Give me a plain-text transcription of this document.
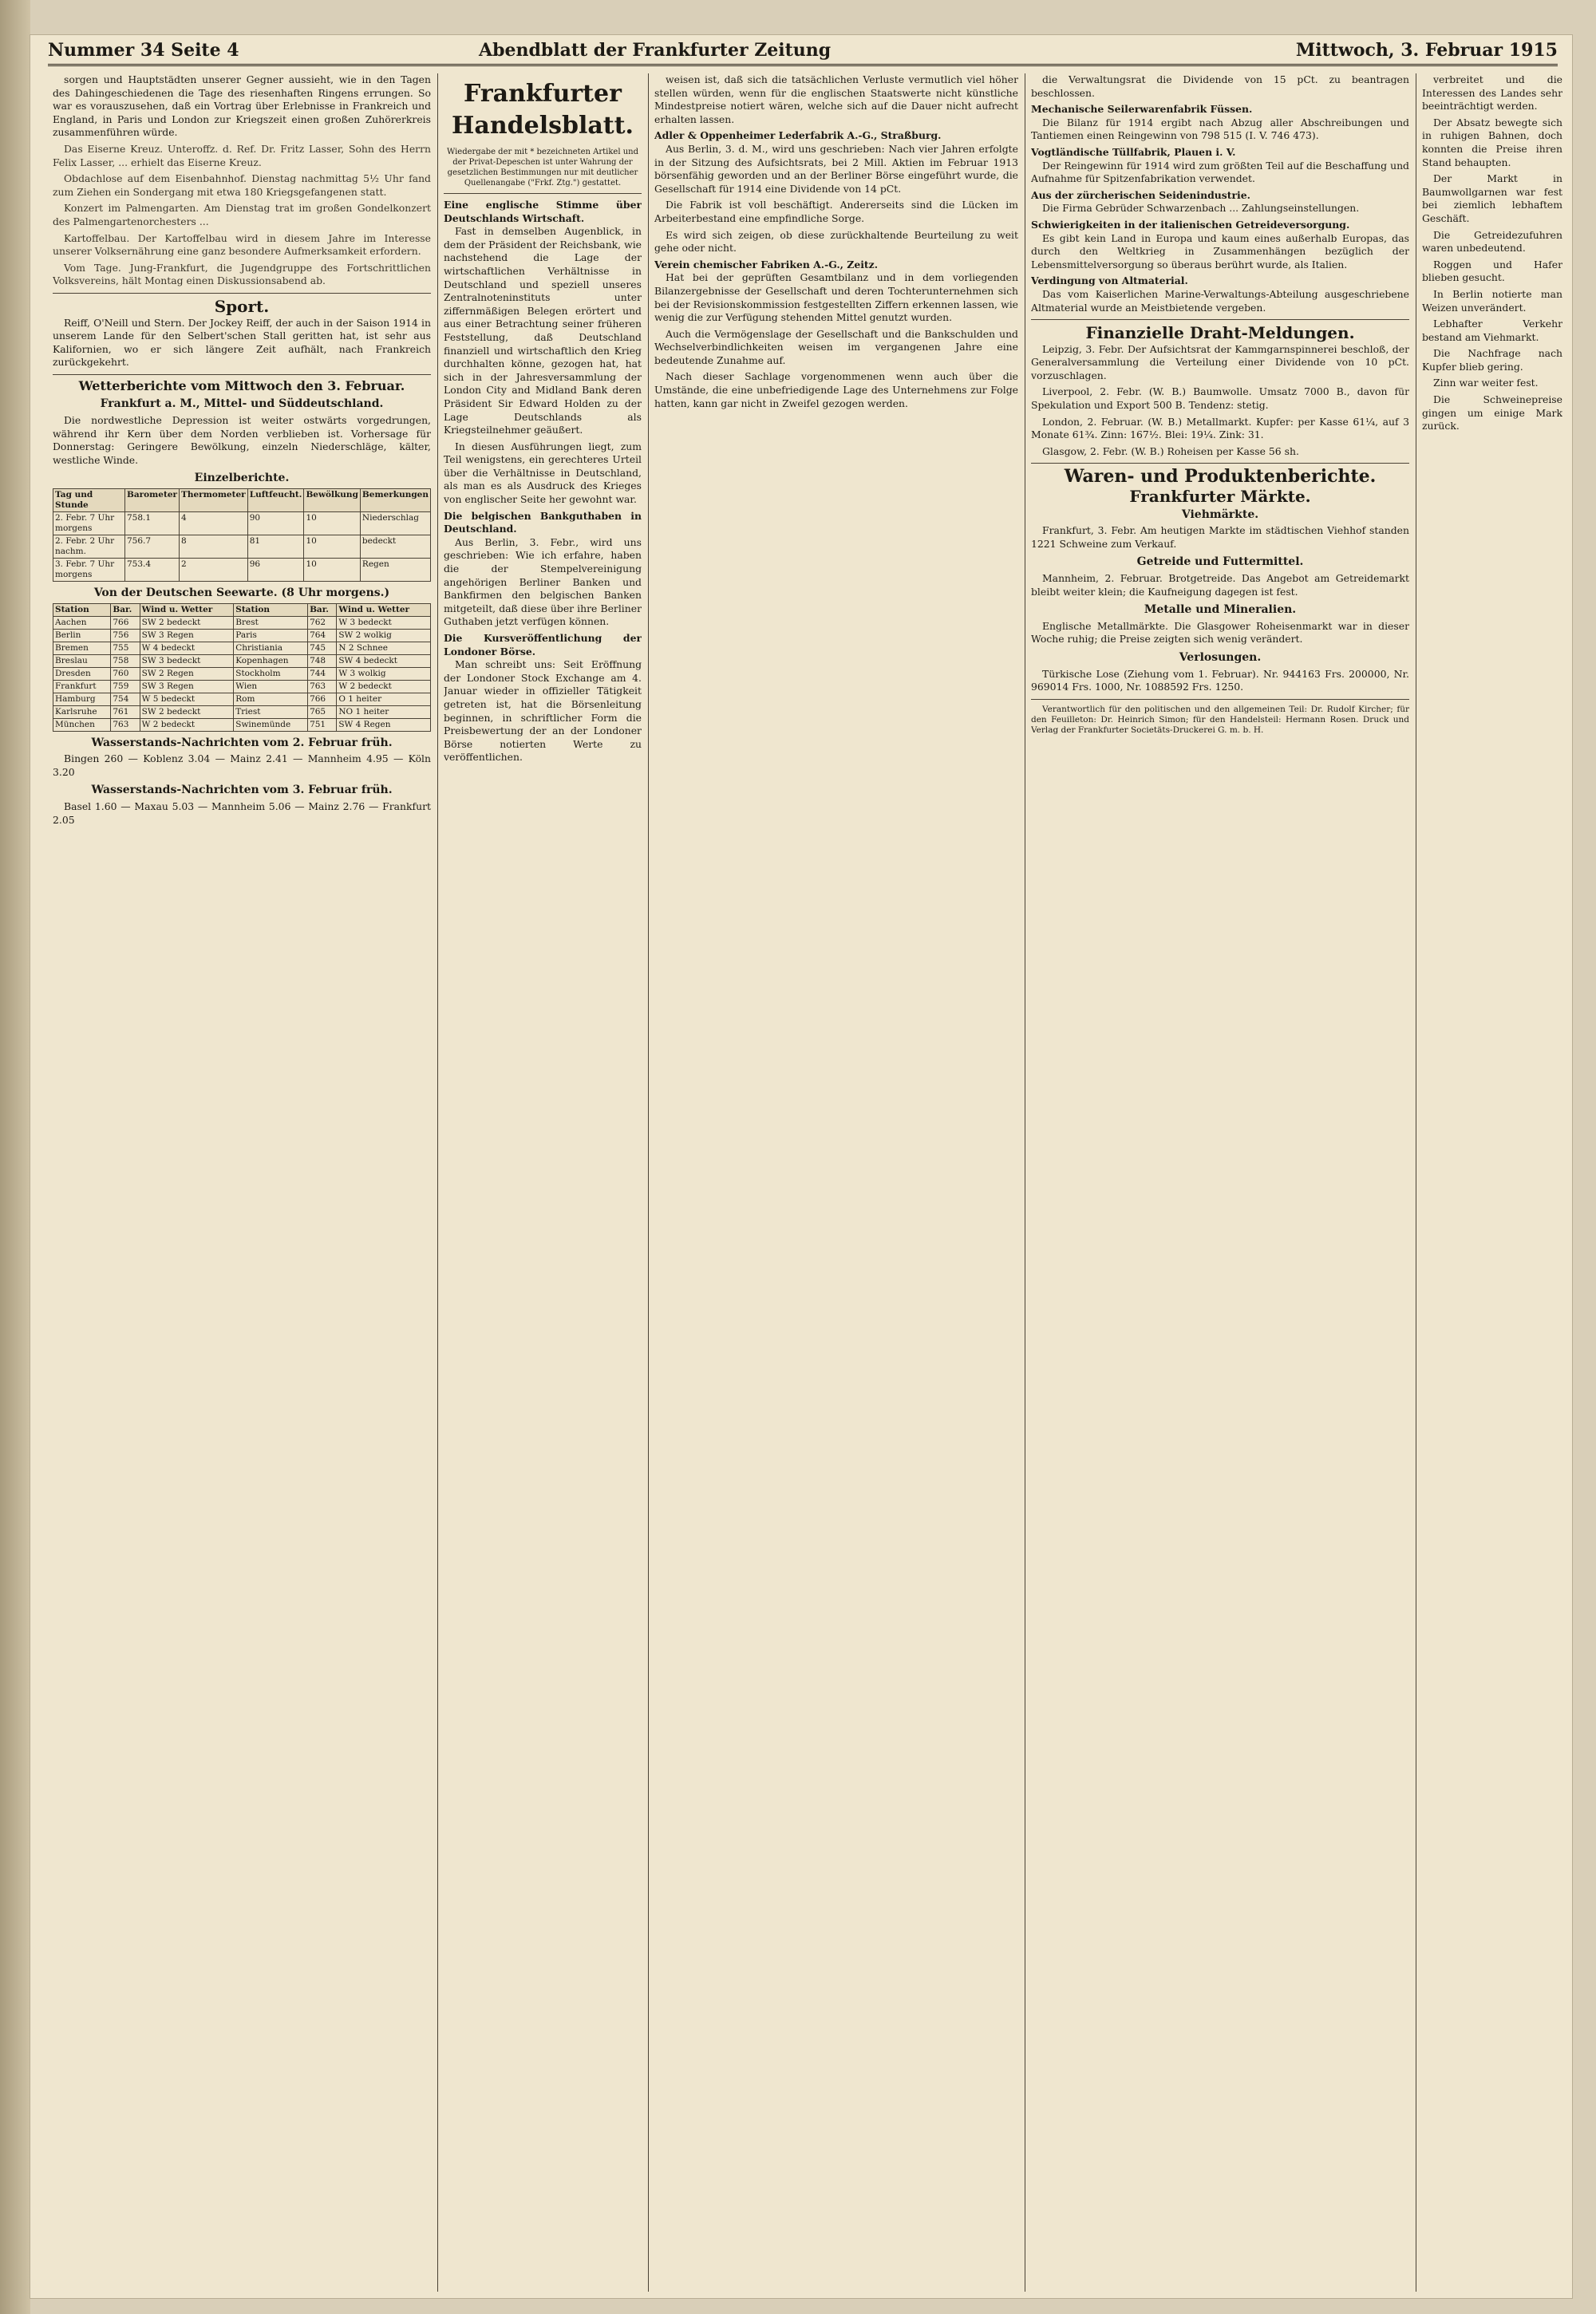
Nummer 34 Seite 4	Abendblatt der Frankfurter Zeitung	Mittwoch, 3. Februar 1915

sorgen und Hauptstädten unserer Gegner aussieht, wie in den Tagen des Dahingeschiedenen die Tage des riesenhaften Ringens errungen. So war es vorauszusehen, daß ein Vortrag über Erlebnisse in Frankreich und England, in Paris und London zur Kriegszeit einen großen Zuhörerkreis zusammenführen würde.

Das Eiserne Kreuz. Unteroffz. d. Ref. Dr. Fritz Lasser, Sohn des Herrn Felix Lasser, ... erhielt das Eiserne Kreuz.

Obdachlose auf dem Eisenbahnhof. Dienstag nachmittag 5½ Uhr fand zum Ziehen ein Sondergang mit etwa 180 Kriegsgefangenen statt.

Konzert im Palmengarten. Am Dienstag trat im großen Gondelkonzert des Palmengartenorchesters ...

Kartoffelbau. Der Kartoffelbau wird in diesem Jahre im Interesse unserer Volksernährung eine ganz besondere Aufmerksamkeit erfordern.

Vom Tage. Jung-Frankfurt, die Jugendgruppe des Fortschrittlichen Volksvereins, hält Montag einen Diskussionsabend ab.

Sport.

Reiff, O'Neill und Stern. Der Jockey Reiff, der auch in der Saison 1914 in unserem Lande für den Selbert'schen Stall geritten hat, ist sehr aus Kalifornien, wo er sich längere Zeit aufhält, nach Frankreich zurückgekehrt.

Wetterberichte vom Mittwoch den 3. Februar.
Frankfurt a. M., Mittel- und Süddeutschland.

Die nordwestliche Depression ist weiter ostwärts vorgedrungen, während ihr Kern über dem Norden verblieben ist. Vorhersage für Donnerstag: Geringere Bewölkung, einzeln Niederschläge, kälter, westliche Winde.

Einzelberichte.
Tag und Stunde	Barometer	Thermometer	Luftfeucht.	Bewölkung	Bemerkungen
2. Febr. 7 Uhr morgens	758.1	4	90	10	Niederschlag
2. Febr. 2 Uhr nachm.	756.7	8	81	10	bedeckt
3. Febr. 7 Uhr morgens	753.4	2	96	10	Regen
Von der Deutschen Seewarte. (8 Uhr morgens.)
Station	Bar.	Wind u. Wetter	Station	Bar.	Wind u. Wetter
Aachen	766	SW 2 bedeckt	Brest	762	W 3 bedeckt
Berlin	756	SW 3 Regen	Paris	764	SW 2 wolkig
Bremen	755	W 4 bedeckt	Christiania	745	N 2 Schnee
Breslau	758	SW 3 bedeckt	Kopenhagen	748	SW 4 bedeckt
Dresden	760	SW 2 Regen	Stockholm	744	W 3 wolkig
Frankfurt	759	SW 3 Regen	Wien	763	W 2 bedeckt
Hamburg	754	W 5 bedeckt	Rom	766	O 1 heiter
Karlsruhe	761	SW 2 bedeckt	Triest	765	NO 1 heiter
München	763	W 2 bedeckt	Swinemünde	751	SW 4 Regen
Wasserstands-Nachrichten vom 2. Februar früh.

Bingen 260 — Koblenz 3.04 — Mainz 2.41 — Mannheim 4.95 — Köln 3.20

Wasserstands-Nachrichten vom 3. Februar früh.

Basel 1.60 — Maxau 5.03 — Mannheim 5.06 — Mainz 2.76 — Frankfurt 2.05

Frankfurter Handelsblatt.
Wiedergabe der mit * bezeichneten Artikel und der Privat-Depeschen ist unter Wahrung der gesetzlichen Bestimmungen nur mit deutlicher Quellenangabe ("Frkf. Ztg.") gestattet.
Eine englische Stimme über Deutschlands Wirtschaft.

Fast in demselben Augenblick, in dem der Präsident der Reichsbank, wie nachstehend die Lage der wirtschaftlichen Verhältnisse in Deutschland und speziell unseres Zentralnoteninstituts unter ziffernmäßigen Belegen erörtert und aus einer Betrachtung seiner früheren Feststellung, daß Deutschland finanziell und wirtschaftlich den Krieg durchhalten könne, gezogen hat, hat sich in der Jahresversammlung der London City and Midland Bank deren Präsident Sir Edward Holden zu der Lage Deutschlands als Kriegsteilnehmer geäußert.

In diesen Ausführungen liegt, zum Teil wenigstens, ein gerechteres Urteil über die Verhältnisse in Deutschland, als man es als Ausdruck des Krieges von englischer Seite her gewohnt war.

Die belgischen Bankguthaben in Deutschland.

Aus Berlin, 3. Febr., wird uns geschrieben: Wie ich erfahre, haben die der Stempelvereinigung angehörigen Berliner Banken und Bankfirmen den belgischen Banken mitgeteilt, daß diese über ihre Berliner Guthaben jetzt verfügen können.

Die Kursveröffentlichung der Londoner Börse.

Man schreibt uns: Seit Eröffnung der Londoner Stock Exchange am 4. Januar wieder in offizieller Tätigkeit getreten ist, hat die Börsenleitung beginnen, in schriftlicher Form die Preisbewertung der an der Londoner Börse notierten Werte zu veröffentlichen.

weisen ist, daß sich die tatsächlichen Verluste vermutlich viel höher stellen würden, wenn für die englischen Staatswerte nicht künstliche Mindestpreise notiert wären, welche sich auf die Dauer nicht aufrecht erhalten lassen.

Adler & Oppenheimer Lederfabrik A.-G., Straßburg.

Aus Berlin, 3. d. M., wird uns geschrieben: Nach vier Jahren erfolgte in der Sitzung des Aufsichtsrats, bei 2 Mill. Aktien im Februar 1913 börsenfähig geworden und an der Berliner Börse eingeführt wurde, die Gesellschaft für 1914 eine Dividende von 14 pCt.

Die Fabrik ist voll beschäftigt. Andererseits sind die Lücken im Arbeiterbestand eine empfindliche Sorge.

Es wird sich zeigen, ob diese zurückhaltende Beurteilung zu weit gehe oder nicht.

Verein chemischer Fabriken A.-G., Zeitz.

Hat bei der geprüften Gesamtbilanz und in dem vorliegenden Bilanzergebnisse der Gesellschaft und deren Tochterunternehmen sich bei der Revisionskommission festgestellten Ziffern erkennen lassen, wie wenig die zur Verfügung stehenden Mittel genutzt wurden.

Auch die Vermögenslage der Gesellschaft und die Bankschulden und Wechselverbindlichkeiten weisen im vergangenen Jahre eine bedeutende Zunahme auf.

Nach dieser Sachlage vorgenommenen wenn auch über die Umstände, die eine unbefriedigende Lage des Unternehmens zur Folge hatten, kann gar nicht in Zweifel gezogen werden.

die Verwaltungsrat die Dividende von 15 pCt. zu beantragen beschlossen.

Mechanische Seilerwarenfabrik Füssen.

Die Bilanz für 1914 ergibt nach Abzug aller Abschreibungen und Tantiemen einen Reingewinn von 798 515 (I. V. 746 473).

Vogtländische Tüllfabrik, Plauen i. V.

Der Reingewinn für 1914 wird zum größten Teil auf die Beschaffung und Aufnahme für Spitzenfabrikation verwendet.

Aus der zürcherischen Seidenindustrie.

Die Firma Gebrüder Schwarzenbach ... Zahlungseinstellungen.

Schwierigkeiten in der italienischen Getreideversorgung.

Es gibt kein Land in Europa und kaum eines außerhalb Europas, das durch den Weltkrieg in Zusammenhängen bezüglich der Lebensmittelversorgung so überaus berührt wurde, als Italien.

Verdingung von Altmaterial.

Das vom Kaiserlichen Marine-Verwaltungs-Abteilung ausgeschriebene Altmaterial wurde an Meistbietende vergeben.

Finanzielle Draht-Meldungen.

Leipzig, 3. Febr. Der Aufsichtsrat der Kammgarnspinnerei beschloß, der Generalversammlung die Verteilung einer Dividende von 10 pCt. vorzuschlagen.

Liverpool, 2. Febr. (W. B.) Baumwolle. Umsatz 7000 B., davon für Spekulation und Export 500 B. Tendenz: stetig.

London, 2. Februar. (W. B.) Metallmarkt. Kupfer: per Kasse 61¼, auf 3 Monate 61¾. Zinn: 167½. Blei: 19¼. Zink: 31.

Glasgow, 2. Febr. (W. B.) Roheisen per Kasse 56 sh.

Waren- und Produktenberichte.
Frankfurter Märkte.
Viehmärkte.

Frankfurt, 3. Febr. Am heutigen Markte im städtischen Viehhof standen 1221 Schweine zum Verkauf.

Getreide und Futtermittel.

Mannheim, 2. Februar. Brotgetreide. Das Angebot am Getreidemarkt bleibt weiter klein; die Kaufneigung dagegen ist fest.

Metalle und Mineralien.

Englische Metallmärkte. Die Glasgower Roheisenmarkt war in dieser Woche ruhig; die Preise zeigten sich wenig verändert.

Verlosungen.

Türkische Lose (Ziehung vom 1. Februar). Nr. 944163 Frs. 200000, Nr. 969014 Frs. 1000, Nr. 1088592 Frs. 1250.

Verantwortlich für den politischen und den allgemeinen Teil: Dr. Rudolf Kircher; für den Feuilleton: Dr. Heinrich Simon; für den Handelsteil: Hermann Rosen. Druck und Verlag der Frankfurter Societäts-Druckerei G. m. b. H.

verbreitet und die Interessen des Landes sehr beeinträchtigt werden.

Der Absatz bewegte sich in ruhigen Bahnen, doch konnten die Preise ihren Stand behaupten.

Der Markt in Baumwollgarnen war fest bei ziemlich lebhaftem Geschäft.

Die Getreidezufuhren waren unbedeutend.

Roggen und Hafer blieben gesucht.

In Berlin notierte man Weizen unverändert.

Lebhafter Verkehr bestand am Viehmarkt.

Die Nachfrage nach Kupfer blieb gering.

Zinn war weiter fest.

Die Schweinepreise gingen um einige Mark zurück.
